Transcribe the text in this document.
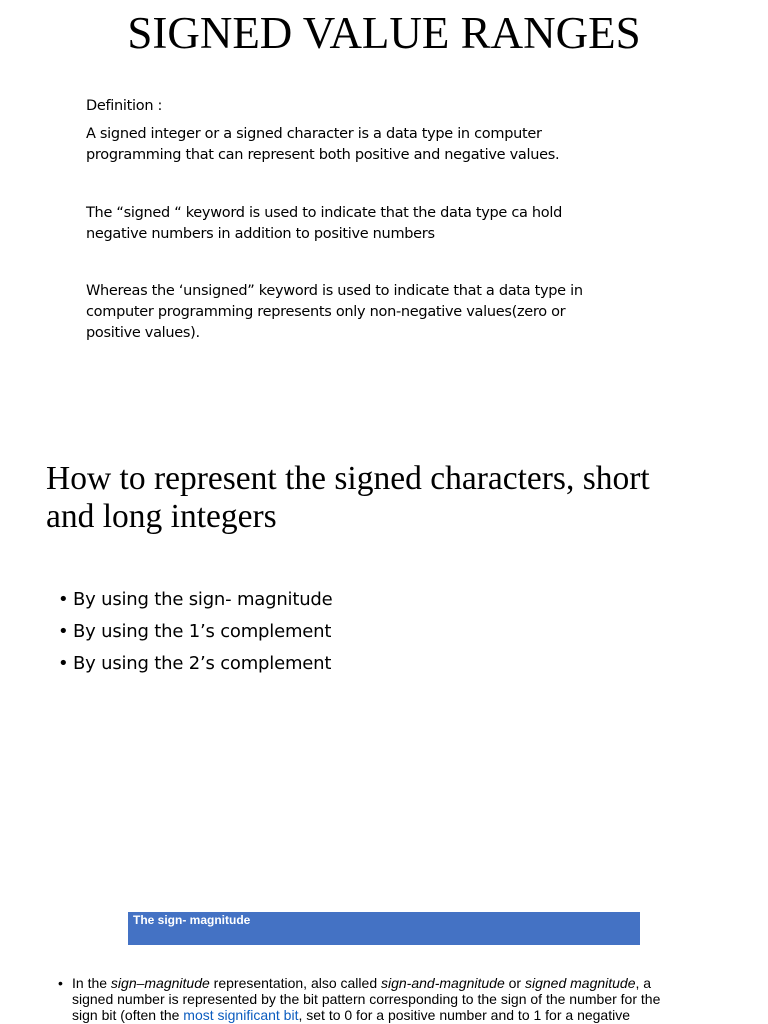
SIGNED VALUE RANGES
Definition :

A signed integer or a signed character is a data type in computer
programming that can represent both positive and negative values.

The “signed “ keyword is used to indicate that the data type ca hold
negative numbers in addition to positive numbers

Whereas the ‘unsigned” keyword is used to indicate that a data type in
computer programming represents only non-negative values(zero or
positive values).

How to represent the signed characters, short
and long integers
• By using the sign- magnitude
• By using the 1’s complement
• By using the 2’s complement
The sign- magnitude
• In the sign–magnitude representation, also called sign-and-magnitude or signed magnitude, a
signed number is represented by the bit pattern corresponding to the sign of the number for the
sign bit (often the most significant bit, set to 0 for a positive number and to 1 for a negative
